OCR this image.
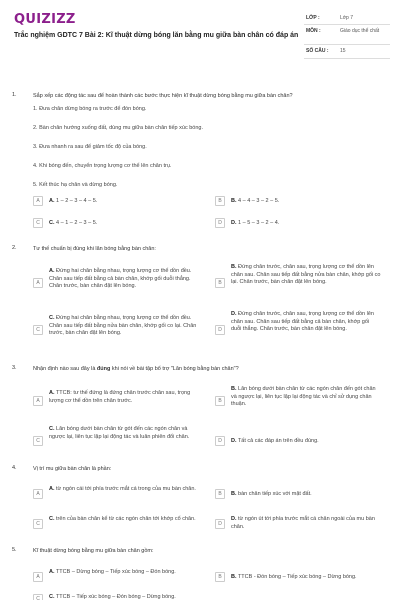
QUIZIZZ
Trắc nghiệm GDTC 7 Bài 2: Kĩ thuật dừng bóng lăn bằng mu giữa bàn chân có đáp án
LỚP :	Lớp 7
MÔN :	Giáo dục thể chất
SỐ CÂU : 15
1.	Sắp xếp các động tác sau để hoàn thành các bước thực hiện kĩ thuật dừng bóng bằng mu giữa bàn chân?
1. Đưa chân dừng bóng ra trước để đón bóng.
2. Bàn chân hướng xuống đất, dùng mu giữa bàn chân tiếp xúc bóng.
3. Đưa nhanh ra sau để giảm tốc độ của bóng.
4. Khi bóng đến, chuyển trọng lượng cơ thể lên chân trụ.
5. Kết thúc hạ chân và dừng bóng.
A	A. 1 – 2 – 3 – 4 – 5.	B	B. 4 – 4 – 3 – 2 – 5.
C	C. 4 – 1 – 2 – 3 – 5.	D	D. 1 – 5 – 3 – 2 – 4.
2.	Tư thế chuẩn bị đúng khi lăn bóng bằng bàn chân:
A
A. Đứng hai chân bằng nhau, trọng lượng cơ thể dồn đều. Chân sau tiếp đất bằng cả bàn chân, khớp gối duỗi thẳng. Chân trước, bàn chân đặt lên bóng.	B
B. Đứng chân trước, chân sau, trọng lượng cơ thể dồn lên chân sau. Chân sau tiếp đất bằng nửa bàn chân, khớp gối co lại. Chân trước, bàn chân đặt lên bóng.
C
C. Đứng hai chân bằng nhau, trọng lượng cơ thể dồn đều. Chân sau tiếp đất bằng nửa bàn chân, khớp gối co lại. Chân trước, bàn chân đặt lên bóng.	D
D. Đứng chân trước, chân sau, trọng lượng cơ thể dồn lên chân sau. Chân sau tiếp đất bằng cả bàn chân, khớp gối duỗi thẳng. Chân trước, bàn chân đặt lên bóng.
3.	Nhận định nào sau đây là đúng khi nói về bài tập bổ trợ "Lăn bóng bằng bàn chân"?
A
A. TTCB: tư thế đứng là đứng chân trước chân sau, trọng lượng cơ thể dồn trên chân trước.	B
B. Lăn bóng dưới bàn chân từ các ngón chân đến gót chân và ngược lại, liên tục lặp lại động tác và chỉ sử dụng chân thuận.
C
C. Lăn bóng dưới bàn chân từ gót đến các ngón chân và ngược lại, liên tục lặp lại động tác và luân phiên đổi chân.
D	D. Tất cả các đáp án trên đều đúng.
4.	Vị trí mu giữa bàn chân là phần:
A
A. từ ngón cái tới phía trước mắt cá trong của mu bàn chân.
B	B. bàn chân tiếp xúc với mặt đất.
C
C. trên của bàn chân kể từ các ngón chân tới khớp cổ chân.
D
D. từ ngón út tới phía trước mắt cá chân ngoài của mu bàn chân.
5.	Kĩ thuật dừng bóng bằng mu giữa bàn chân gồm:
A
A. TTCB – Dừng bóng – Tiếp xúc bóng – Đón bóng.
B	B. TTCB - Đón bóng – Tiếp xúc bóng – Dừng bóng.
C	C. TTCB – Tiếp xúc bóng – Đón bóng – Dừng bóng.
